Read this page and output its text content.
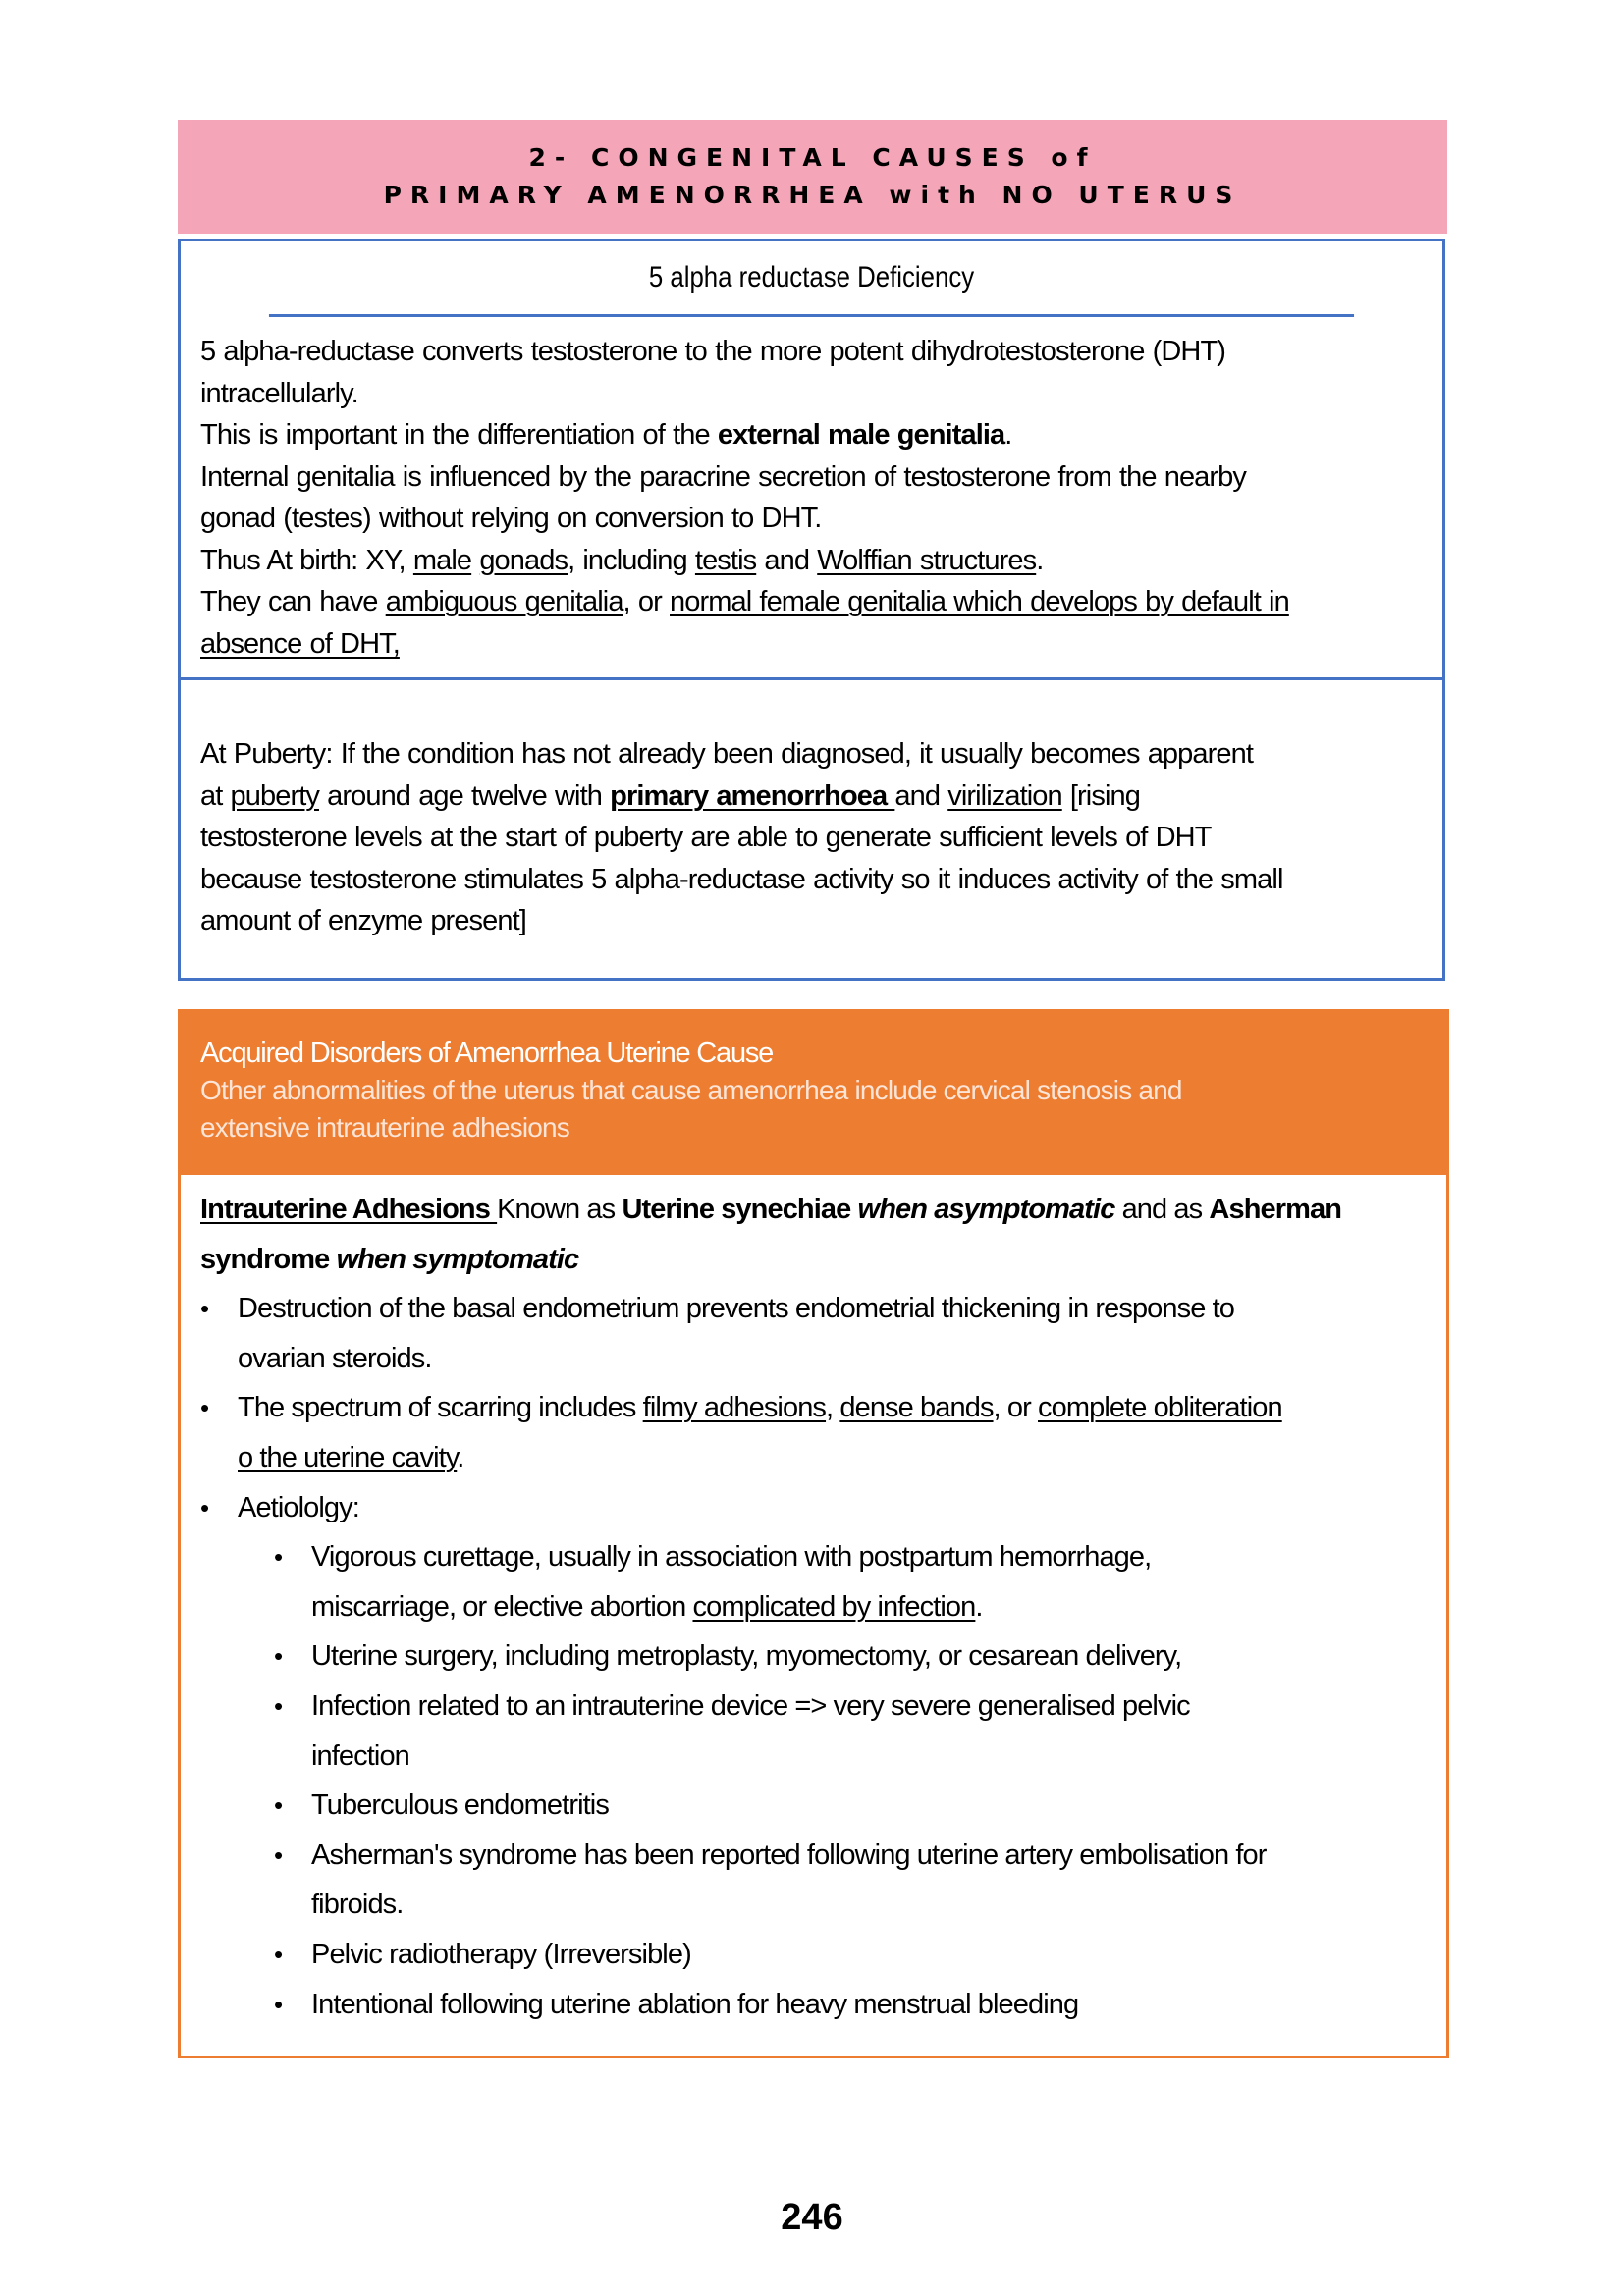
2- CONGENITAL CAUSES of
PRIMARY AMENORRHEA with NO UTERUS
5 alpha reductase Deficiency

5 alpha-reductase converts testosterone to the more potent dihydrotestosterone (DHT)
intracellularly.
This is important in the differentiation of the external male genitalia.
Internal genitalia is influenced by the paracrine secretion of testosterone from the nearby
gonad (testes) without relying on conversion to DHT.
Thus At birth: XY, male gonads, including testis and Wolffian structures.
They can have ambiguous genitalia, or normal female genitalia which develops by default in
absence of DHT,

At Puberty: If the condition has not already been diagnosed, it usually becomes apparent
at puberty around age twelve with primary amenorrhoea and virilization [rising
testosterone levels at the start of puberty are able to generate sufficient levels of DHT
because testosterone stimulates 5 alpha-reductase activity so it induces activity of the small
amount of enzyme present]

Acquired Disorders of Amenorrhea Uterine Cause
Other abnormalities of the uterus that cause amenorrhea include cervical stenosis and
extensive intrauterine adhesions
Intrauterine Adhesions Known as Uterine synechiae when asymptomatic and as Asherman
syndrome when symptomatic
• Destruction of the basal endometrium prevents endometrial thickening in response to
ovarian steroids.
• The spectrum of scarring includes filmy adhesions, dense bands, or complete obliteration
o the uterine cavity.
• Aetiololgy:
• Vigorous curettage, usually in association with postpartum hemorrhage,
miscarriage, or elective abortion complicated by infection.
• Uterine surgery, including metroplasty, myomectomy, or cesarean delivery,
• Infection related to an intrauterine device => very severe generalised pelvic
infection
• Tuberculous endometritis
• Asherman's syndrome has been reported following uterine artery embolisation for
fibroids.
• Pelvic radiotherapy (Irreversible)
• Intentional following uterine ablation for heavy menstrual bleeding
246
